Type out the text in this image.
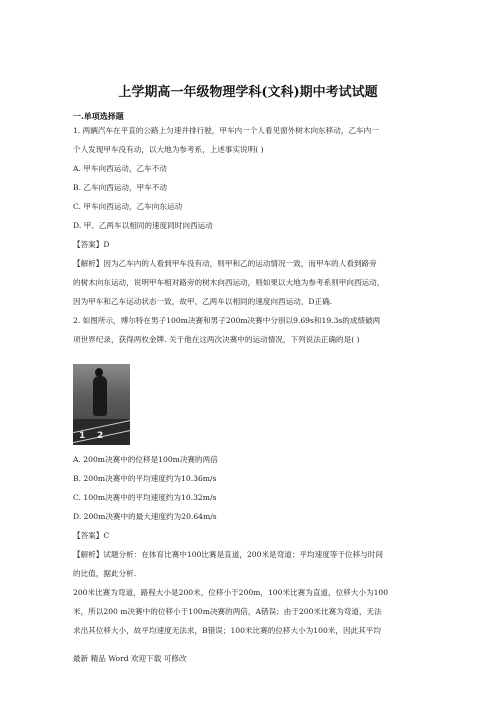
上学期高一年级物理学科(文科)期中考试试题
一.单项选择题
1. 两辆汽车在平直的公路上匀速并排行驶，甲车内一个人看见窗外树木向东移动，乙车内一
个人发现甲车没有动，以大地为参考系，上述事实说明( )
A. 甲车向西运动，乙车不动
B. 乙车向西运动，甲车不动
C. 甲车向西运动，乙车向东运动
D. 甲、乙两车以相同的速度同时向西运动
【答案】D
【解析】因为乙车内的人看到甲车没有动，则甲和乙的运动情况一致，而甲车的人看到路旁
的树木向东运动，说明甲车相对路旁的树木向西运动，则如果以大地为参考系则甲向西运动，
因为甲车和乙车运动状态一致，故甲、乙两车以相同的速度向西运动，D正确.
2. 如图所示，博尔特在男子100m决赛和男子200m决赛中分别以9.69s和19.3s的成绩破两
项世界纪录，获得两枚金牌. 关于他在这两次决赛中的运动情况，下列说法正确的是( )
1 2
A. 200m决赛中的位移是100m决赛的两倍
B. 200m决赛中的平均速度约为10.36m/s
C. 100m决赛中的平均速度约为10.32m/s
D. 200m决赛中的最大速度约为20.64m/s
【答案】C
【解析】试题分析：在体育比赛中100比赛是直道，200米是弯道；平均速度等于位移与时间
的比值，据此分析.
200米比赛为弯道，路程大小是200米，位移小于200m，100米比赛为直道，位移大小为100
米，所以200 m决赛中的位移小于100m决赛的两倍，A错误；由于200米比赛为弯道，无法
求出其位移大小，故平均速度无法求，B错误；100米比赛的位移大小为100米，因此其平均
最新 精品 Word 欢迎下载 可修改
